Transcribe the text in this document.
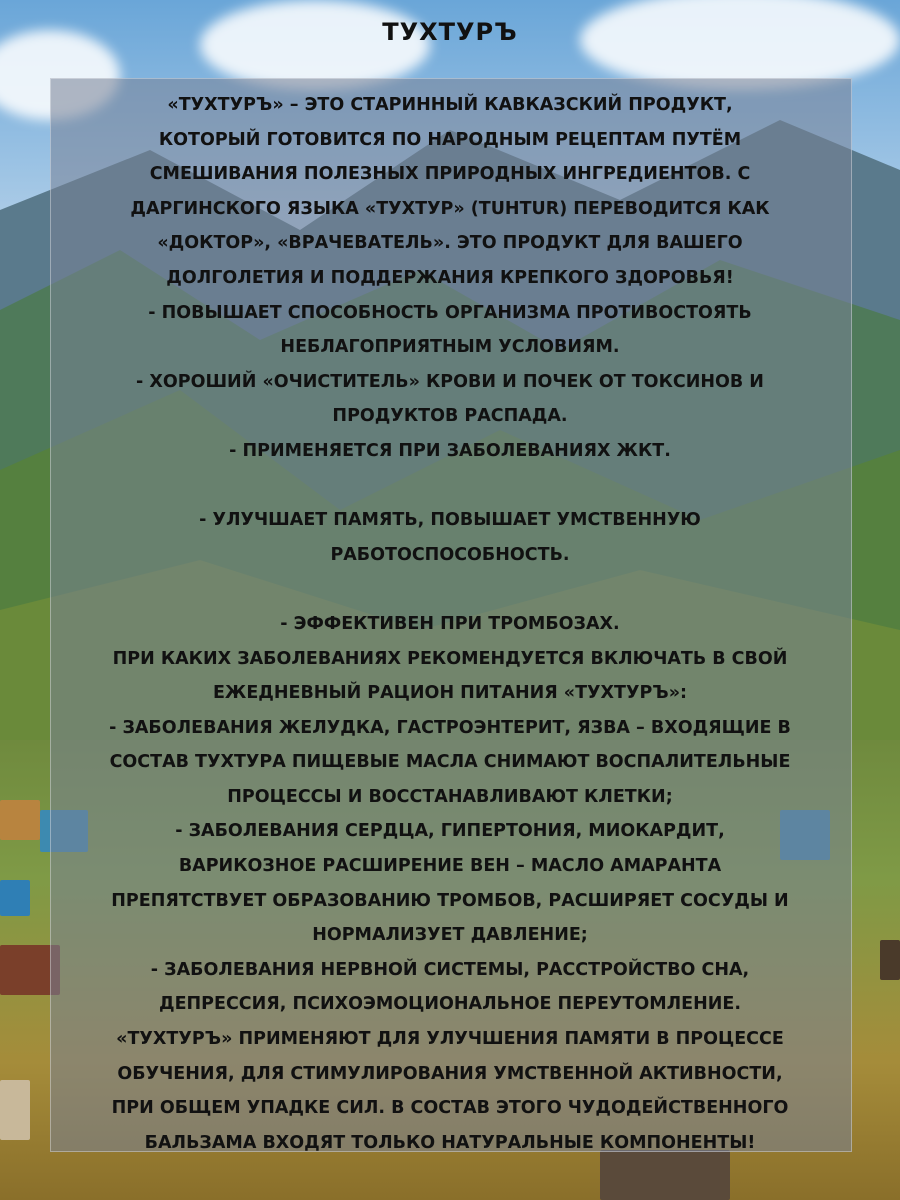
ТУХТУРЪ

«ТУХТУРЪ» – ЭТО СТАРИННЫЙ КАВКАЗСКИЙ ПРОДУКТ,

КОТОРЫЙ ГОТОВИТСЯ ПО НАРОДНЫМ РЕЦЕПТАМ ПУТЁМ

СМЕШИВАНИЯ ПОЛЕЗНЫХ ПРИРОДНЫХ ИНГРЕДИЕНТОВ. С

ДАРГИНСКОГО ЯЗЫКА «ТУХТУР» (TUHTUR) ПЕРЕВОДИТСЯ КАК

«ДОКТОР», «ВРАЧЕВАТЕЛЬ». ЭТО ПРОДУКТ ДЛЯ ВАШЕГО

ДОЛГОЛЕТИЯ И ПОДДЕРЖАНИЯ КРЕПКОГО ЗДОРОВЬЯ!

- ПОВЫШАЕТ СПОСОБНОСТЬ ОРГАНИЗМА ПРОТИВОСТОЯТЬ

НЕБЛАГОПРИЯТНЫМ УСЛОВИЯМ.

- ХОРОШИЙ «ОЧИСТИТЕЛЬ» КРОВИ И ПОЧЕК ОТ ТОКСИНОВ И

ПРОДУКТОВ РАСПАДА.

- ПРИМЕНЯЕТСЯ ПРИ ЗАБОЛЕВАНИЯХ ЖКТ.

- УЛУЧШАЕТ ПАМЯТЬ, ПОВЫШАЕТ УМСТВЕННУЮ

РАБОТОСПОСОБНОСТЬ.

- ЭФФЕКТИВЕН ПРИ ТРОМБОЗАХ.

ПРИ КАКИХ ЗАБОЛЕВАНИЯХ РЕКОМЕНДУЕТСЯ ВКЛЮЧАТЬ В СВОЙ

ЕЖЕДНЕВНЫЙ РАЦИОН ПИТАНИЯ «ТУХТУРЪ»:

- ЗАБОЛЕВАНИЯ ЖЕЛУДКА, ГАСТРОЭНТЕРИТ, ЯЗВА – ВХОДЯЩИЕ В

СОСТАВ ТУХТУРА ПИЩЕВЫЕ МАСЛА СНИМАЮТ ВОСПАЛИТЕЛЬНЫЕ

ПРОЦЕССЫ И ВОССТАНАВЛИВАЮТ КЛЕТКИ;

- ЗАБОЛЕВАНИЯ СЕРДЦА, ГИПЕРТОНИЯ, МИОКАРДИТ,

ВАРИКОЗНОЕ РАСШИРЕНИЕ ВЕН – МАСЛО АМАРАНТА

ПРЕПЯТСТВУЕТ ОБРАЗОВАНИЮ ТРОМБОВ, РАСШИРЯЕТ СОСУДЫ И

НОРМАЛИЗУЕТ ДАВЛЕНИЕ;

- ЗАБОЛЕВАНИЯ НЕРВНОЙ СИСТЕМЫ, РАССТРОЙСТВО СНА,

ДЕПРЕССИЯ, ПСИХОЭМОЦИОНАЛЬНОЕ ПЕРЕУТОМЛЕНИЕ.

«ТУХТУРЪ» ПРИМЕНЯЮТ ДЛЯ УЛУЧШЕНИЯ ПАМЯТИ В ПРОЦЕССЕ

ОБУЧЕНИЯ, ДЛЯ СТИМУЛИРОВАНИЯ УМСТВЕННОЙ АКТИВНОСТИ,

ПРИ ОБЩЕМ УПАДКЕ СИЛ. В СОСТАВ ЭТОГО ЧУДОДЕЙСТВЕННОГО

БАЛЬЗАМА ВХОДЯТ ТОЛЬКО НАТУРАЛЬНЫЕ КОМПОНЕНТЫ!
